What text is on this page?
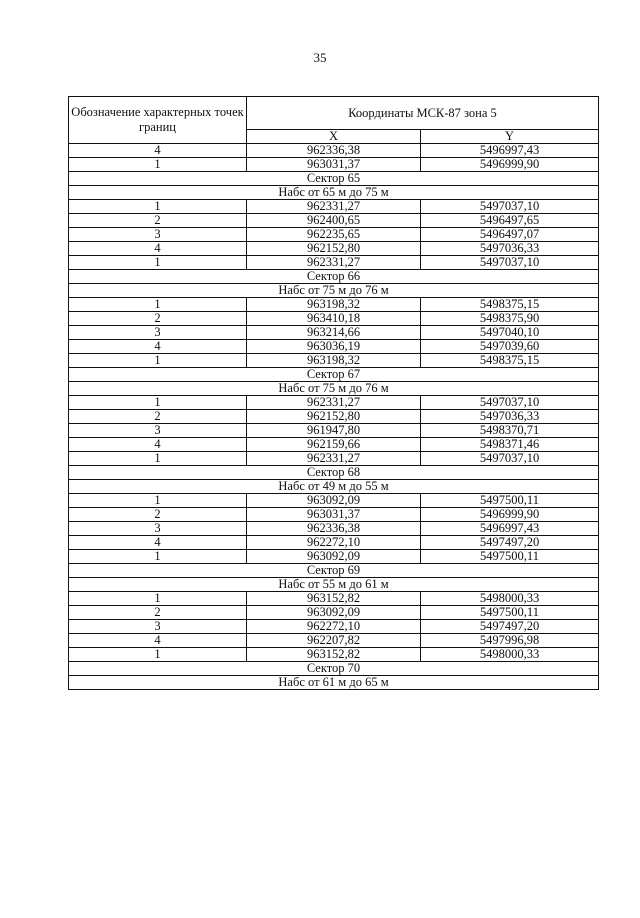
35
Обозначение характерных точек границ	Координаты МСК-87 зона 5	
	X	Y
4	962336,38	5496997,43
1	963031,37	5496999,90
Сектор 65		
Набс от 65 м до 75 м		
1	962331,27	5497037,10
2	962400,65	5496497,65
3	962235,65	5496497,07
4	962152,80	5497036,33
1	962331,27	5497037,10
Сектор 66		
Набс от 75 м до 76 м		
1	963198,32	5498375,15
2	963410,18	5498375,90
3	963214,66	5497040,10
4	963036,19	5497039,60
1	963198,32	5498375,15
Сектор 67		
Набс от 75 м до 76 м		
1	962331,27	5497037,10
2	962152,80	5497036,33
3	961947,80	5498370,71
4	962159,66	5498371,46
1	962331,27	5497037,10
Сектор 68		
Набс от 49 м до 55 м		
1	963092,09	5497500,11
2	963031,37	5496999,90
3	962336,38	5496997,43
4	962272,10	5497497,20
1	963092,09	5497500,11
Сектор 69		
Набс от 55 м до 61 м		
1	963152,82	5498000,33
2	963092,09	5497500,11
3	962272,10	5497497,20
4	962207,82	5497996,98
1	963152,82	5498000,33
Сектор 70		
Набс от 61 м до 65 м		
